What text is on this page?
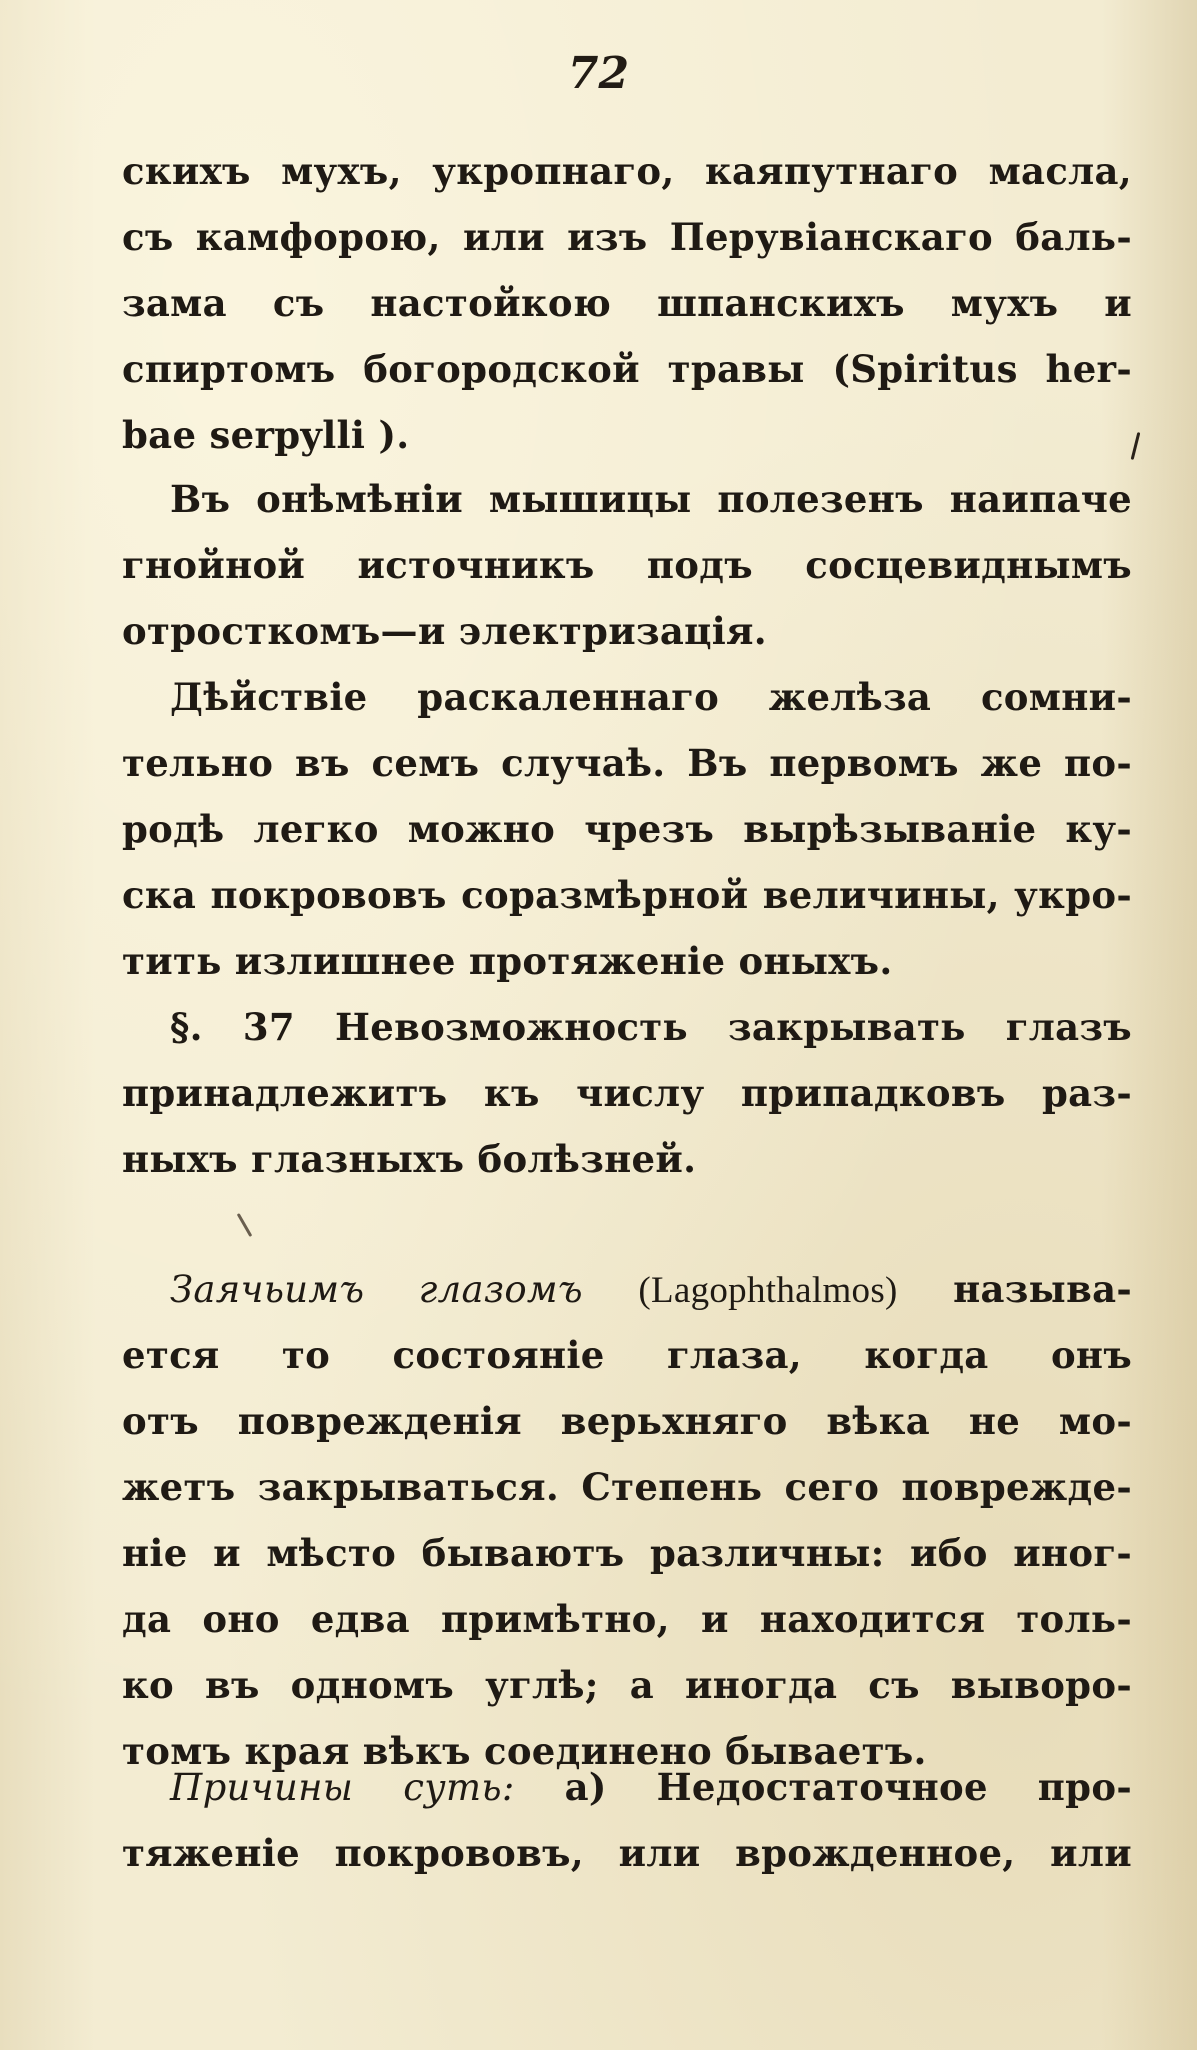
72
скихъ мухъ, укропнаго, каяпутнаго масла,
съ камфорою, или изъ Перувіанскаго баль-
зама съ настойкою шпанскихъ мухъ и
спиртомъ богородской травы (Spiritus her-
bae serpylli ).
Въ онѣмѣніи мышицы полезенъ наипаче
гнойной источникъ подъ сосцевиднымъ
отросткомъ—и электризація.
Дѣйствіе раскаленнаго желѣза сомни-
тельно въ семъ случаѣ. Въ первомъ же по-
родѣ легко можно чрезъ вырѣзываніе ку-
ска покрововъ соразмѣрной величины, укро-
тить излишнее протяженіе оныхъ.
§. 37 Невозможность закрывать глазъ
принадлежитъ къ числу припадковъ раз-
ныхъ глазныхъ болѣзней.
Заячьимъ глазомъ (Lagophthalmos) называ-
ется то состояніе глаза, когда онъ
отъ поврежденія верьхняго вѣка не мо-
жетъ закрываться. Степень сего поврежде-
ніе и мѣсто бываютъ различны: ибо иног-
да оно едва примѣтно, и находится толь-
ко въ одномъ углѣ; а иногда съ выворо-
томъ края вѣкъ соединено бываетъ.
Причины суть: а) Недостаточное про-
тяженіе покрововъ, или врожденное, или
